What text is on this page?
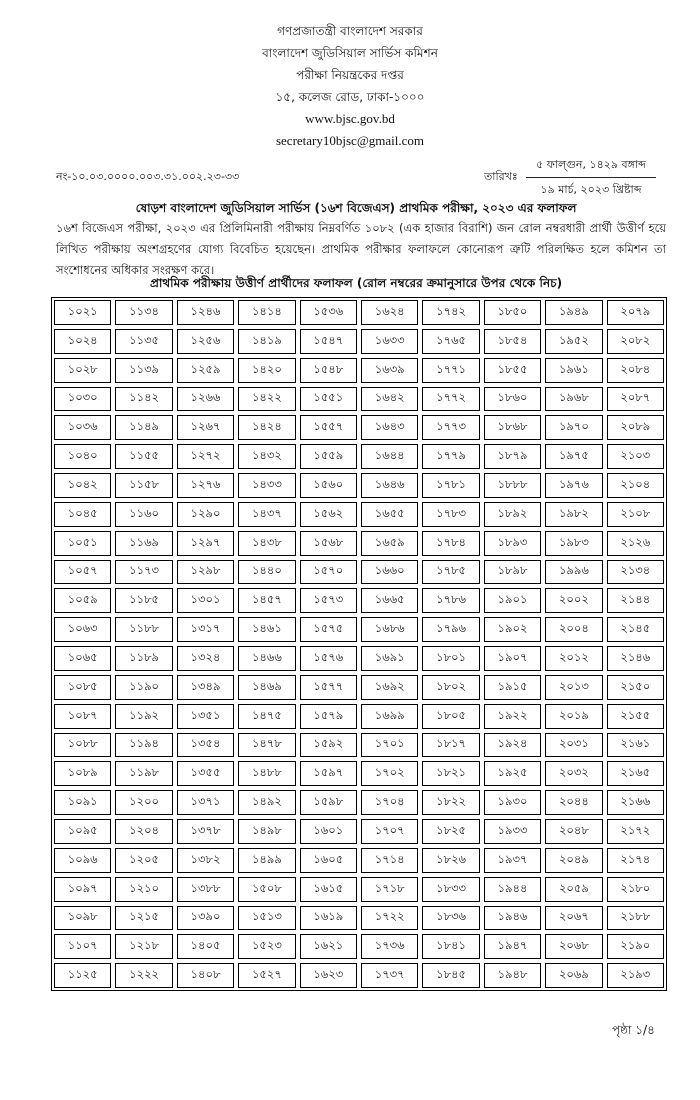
গণপ্রজাতন্ত্রী বাংলাদেশ সরকার
বাংলাদেশ জুডিসিয়াল সার্ভিস কমিশন
পরীক্ষা নিয়ন্ত্রকের দপ্তর
১৫, কলেজ রোড, ঢাকা-১০০০
www.bjsc.gov.bd
secretary10bjsc@gmail.com
নং-১০.০৩.০০০০.০০৩.৩১.০০২.২৩-৩৩	তারিখঃ
৫ ফাল্গুন, ১৪২৯ বঙ্গাব্দ
১৯ মার্চ, ২০২৩ খ্রিষ্টাব্দ
ষোড়শ বাংলাদেশ জুডিসিয়াল সার্ভিস (১৬শ বিজেএস) প্রাথমিক পরীক্ষা, ২০২৩ এর ফলাফল
১৬শ বিজেএস পরীক্ষা, ২০২৩ এর প্রিলিমিনারী পরীক্ষায় নিম্নবর্ণিত ১০৮২ (এক হাজার বিরাশি) জন রোল নম্বরধারী প্রার্থী উত্তীর্ণ হয়ে লিখিত পরীক্ষায় অংশগ্রহণের যোগ্য বিবেচিত হয়েছেন। প্রাথমিক পরীক্ষার ফলাফলে কোনোরূপ ত্রুটি পরিলক্ষিত হলে কমিশন তা সংশোধনের অধিকার সংরক্ষণ করে।
প্রাথমিক পরীক্ষায় উত্তীর্ণ প্রার্থীদের ফলাফল (রোল নম্বরের ক্রমানুসারে উপর থেকে নিচ)
১০২১	১১৩৪	১২৪৬	১৪১৪	১৫৩৬	১৬২৪	১৭৪২	১৮৫০	১৯৪৯	২০৭৯
১০২৪	১১৩৫	১২৫৬	১৪১৯	১৫৪৭	১৬৩৩	১৭৬৫	১৮৫৪	১৯৫২	২০৮২
১০২৮	১১৩৯	১২৫৯	১৪২০	১৫৪৮	১৬৩৯	১৭৭১	১৮৫৫	১৯৬১	২০৮৪
১০৩০	১১৪২	১২৬৬	১৪২২	১৫৫১	১৬৪২	১৭৭২	১৮৬০	১৯৬৮	২০৮৭
১০৩৬	১১৪৯	১২৬৭	১৪২৪	১৫৫৭	১৬৪৩	১৭৭৩	১৮৬৮	১৯৭০	২০৮৯
১০৪০	১১৫৫	১২৭২	১৪৩২	১৫৫৯	১৬৪৪	১৭৭৯	১৮৭৯	১৯৭৫	২১০৩
১০৪২	১১৫৮	১২৭৬	১৪৩৩	১৫৬০	১৬৪৬	১৭৮১	১৮৮৮	১৯৭৬	২১০৪
১০৪৫	১১৬০	১২৯০	১৪৩৭	১৫৬২	১৬৫৫	১৭৮৩	১৮৯২	১৯৮২	২১০৮
১০৫১	১১৬৯	১২৯৭	১৪৩৮	১৫৬৮	১৬৫৯	১৭৮৪	১৮৯৩	১৯৮৩	২১২৬
১০৫৭	১১৭৩	১২৯৮	১৪৪০	১৫৭০	১৬৬০	১৭৮৫	১৮৯৮	১৯৯৬	২১৩৪
১০৫৯	১১৮৫	১৩০১	১৪৫৭	১৫৭৩	১৬৬৫	১৭৮৬	১৯০১	২০০২	২১৪৪
১০৬৩	১১৮৮	১৩১৭	১৪৬১	১৫৭৫	১৬৮৬	১৭৯৬	১৯০২	২০০৪	২১৪৫
১০৬৫	১১৮৯	১৩২৪	১৪৬৬	১৫৭৬	১৬৯১	১৮০১	১৯০৭	২০১২	২১৪৬
১০৮৫	১১৯০	১৩৪৯	১৪৬৯	১৫৭৭	১৬৯২	১৮০২	১৯১৫	২০১৩	২১৫০
১০৮৭	১১৯২	১৩৫১	১৪৭৫	১৫৭৯	১৬৯৯	১৮০৫	১৯২২	২০১৯	২১৫৫
১০৮৮	১১৯৪	১৩৫৪	১৪৭৮	১৫৯২	১৭০১	১৮১৭	১৯২৪	২০৩১	২১৬১
১০৮৯	১১৯৮	১৩৫৫	১৪৮৮	১৫৯৭	১৭০২	১৮২১	১৯২৫	২০৩২	২১৬৫
১০৯১	১২০০	১৩৭১	১৪৯২	১৫৯৮	১৭০৪	১৮২২	১৯৩০	২০৪৪	২১৬৬
১০৯৫	১২০৪	১৩৭৮	১৪৯৮	১৬০১	১৭০৭	১৮২৫	১৯৩৩	২০৪৮	২১৭২
১০৯৬	১২০৫	১৩৮২	১৪৯৯	১৬০৫	১৭১৪	১৮২৬	১৯৩৭	২০৪৯	২১৭৪
১০৯৭	১২১০	১৩৮৮	১৫০৮	১৬১৫	১৭১৮	১৮৩৩	১৯৪৪	২০৫৯	২১৮০
১০৯৮	১২১৫	১৩৯০	১৫১৩	১৬১৯	১৭২২	১৮৩৬	১৯৪৬	২০৬৭	২১৮৮
১১০৭	১২১৮	১৪০৫	১৫২৩	১৬২১	১৭৩৬	১৮৪১	১৯৪৭	২০৬৮	২১৯০
১১২৫	১২২২	১৪০৮	১৫২৭	১৬২৩	১৭৩৭	১৮৪৫	১৯৪৮	২০৬৯	২১৯৩
পৃষ্ঠা ১/৪
